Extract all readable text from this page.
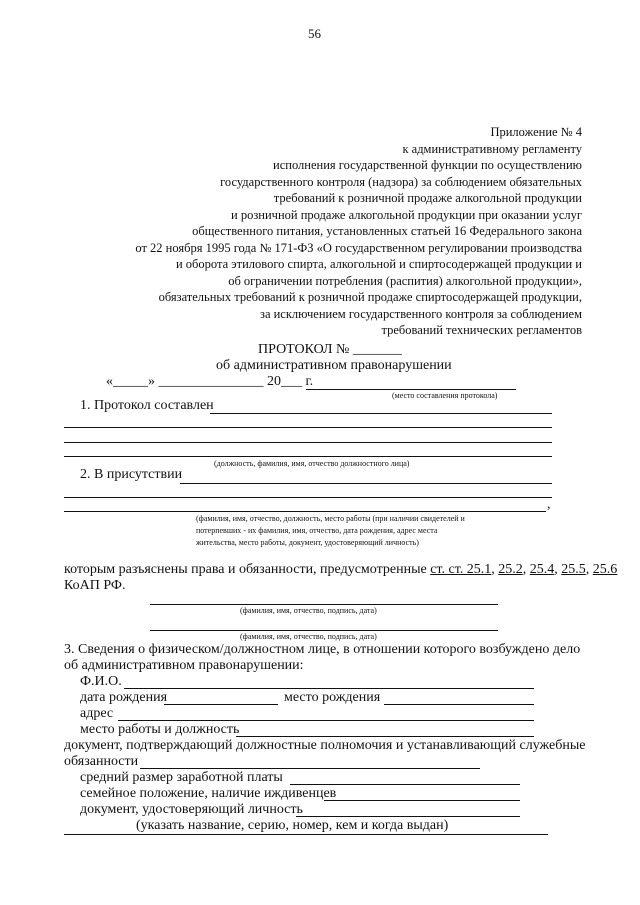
56
Приложение № 4
к административному регламенту
исполнения государственной функции по осуществлению
государственного контроля (надзора) за соблюдением обязательных
требований к розничной продаже алкогольной продукции
и розничной продаже алкогольной продукции при оказании услуг
общественного питания, установленных статьей 16 Федерального закона
от 22 ноября 1995 года № 171-ФЗ «О государственном регулировании производства
и оборота этилового спирта, алкогольной и спиртосодержащей продукции и
об ограничении потребления (распития) алкогольной продукции»,
обязательных требований к розничной продаже спиртосодержащей продукции,
за исключением государственного контроля за соблюдением
требований технических регламентов
ПРОТОКОЛ № _______
об административном правонарушении
«_____» _______________ 20___ г.
(место составления протокола)
1. Протокол составлен
(должность, фамилия, имя, отчество должностного лица)
2. В присутствии
,
(фамилия, имя, отчество, должность, место работы (при наличии свидетелей и
потерпевших - их фамилия, имя, отчество, дата рождения, адрес места
жительства, место работы, документ, удостоверяющий личность)
которым разъяснены права и обязанности, предусмотренные ст. ст. 25.1, 25.2, 25.4, 25.5, 25.6
КоАП РФ.
(фамилия, имя, отчество, подпись, дата)
(фамилия, имя, отчество, подпись, дата)
3. Сведения о физическом/должностном лице, в отношении которого возбуждено дело
об административном правонарушении:
Ф.И.О.
дата рождения	место рождения
адрес
место работы и должность
документ, подтверждающий должностные полномочия и устанавливающий служебные
обязанности
средний размер заработной платы
семейное положение, наличие иждивенцев
документ, удостоверяющий личность
(указать название, серию, номер, кем и когда выдан)
